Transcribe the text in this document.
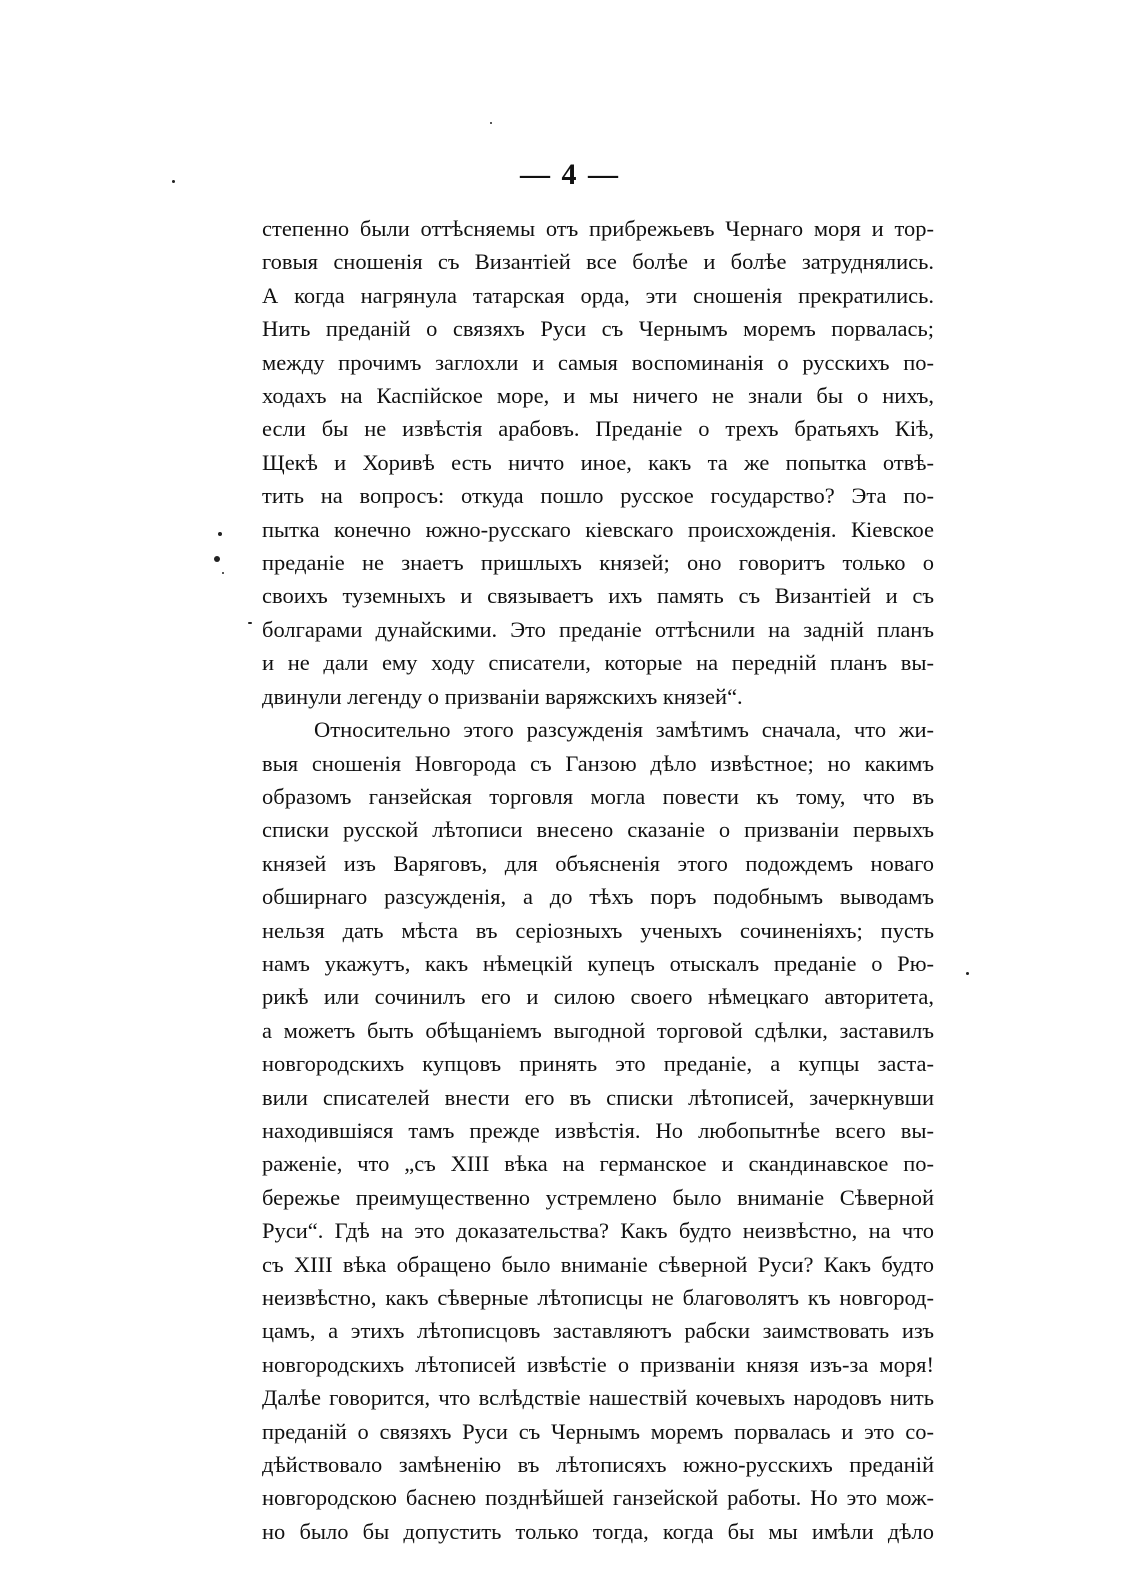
— 4 —
степенно были оттѣсняемы отъ прибрежьевъ Чернаго моря и тор-
говыя сношенія съ Византіей все болѣе и болѣе затруднялись.
А когда нагрянула татарская орда, эти сношенія прекратились.
Нить преданій о связяхъ Руси съ Чернымъ моремъ порвалась;
между прочимъ заглохли и самыя воспоминанія о русскихъ по-
ходахъ на Каспійское море, и мы ничего не знали бы о нихъ,
если бы не извѣстія арабовъ. Преданіе о трехъ братьяхъ Кіѣ,
Щекѣ и Хоривѣ есть ничто иное, какъ та же попытка отвѣ-
тить на вопросъ: откуда пошло русское государство? Эта по-
пытка конечно южно-русскаго кіевскаго происхожденія. Кіевское
преданіе не знаетъ пришлыхъ князей; оно говоритъ только о
своихъ туземныхъ и связываетъ ихъ память съ Византіей и съ
болгарами дунайскими. Это преданіе оттѣснили на задній планъ
и не дали ему ходу списатели, которые на передній планъ вы-
двинули легенду о призваніи варяжскихъ князей“.
Относительно этого разсужденія замѣтимъ сначала, что жи-
выя сношенія Новгорода съ Ганзою дѣло извѣстное; но какимъ
образомъ ганзейская торговля могла повести къ тому, что въ
списки русской лѣтописи внесено сказаніе о призваніи первыхъ
князей изъ Варяговъ, для объясненія этого подождемъ новаго
обширнаго разсужденія, а до тѣхъ поръ подобнымъ выводамъ
нельзя дать мѣста въ серіозныхъ ученыхъ сочиненіяхъ; пусть
намъ укажутъ, какъ нѣмецкій купецъ отыскалъ преданіе о Рю-
рикѣ или сочинилъ его и силою своего нѣмецкаго авторитета,
а можетъ быть обѣщаніемъ выгодной торговой сдѣлки, заставилъ
новгородскихъ купцовъ принять это преданіе, а купцы заста-
вили списателей внести его въ списки лѣтописей, зачеркнувши
находившіяся тамъ прежде извѣстія. Но любопытнѣе всего вы-
раженіе, что „съ XIII вѣка на германское и скандинавское по-
бережье преимущественно устремлено было вниманіе Сѣверной
Руси“. Гдѣ на это доказательства? Какъ будто неизвѣстно, на что
съ XIII вѣка обращено было вниманіе сѣверной Руси? Какъ будто
неизвѣстно, какъ сѣверные лѣтописцы не благоволятъ къ новгород-
цамъ, а этихъ лѣтописцовъ заставляютъ рабски заимствовать изъ
новгородскихъ лѣтописей извѣстіе о призваніи князя изъ-за моря!
Далѣе говорится, что вслѣдствіе нашествій кочевыхъ народовъ нить
преданій о связяхъ Руси съ Чернымъ моремъ порвалась и это со-
дѣйствовало замѣненію въ лѣтописяхъ южно-русскихъ преданій
новгородскою баснею позднѣйшей ганзейской работы. Но это мож-
но было бы допустить только тогда, когда бы мы имѣли дѣло
